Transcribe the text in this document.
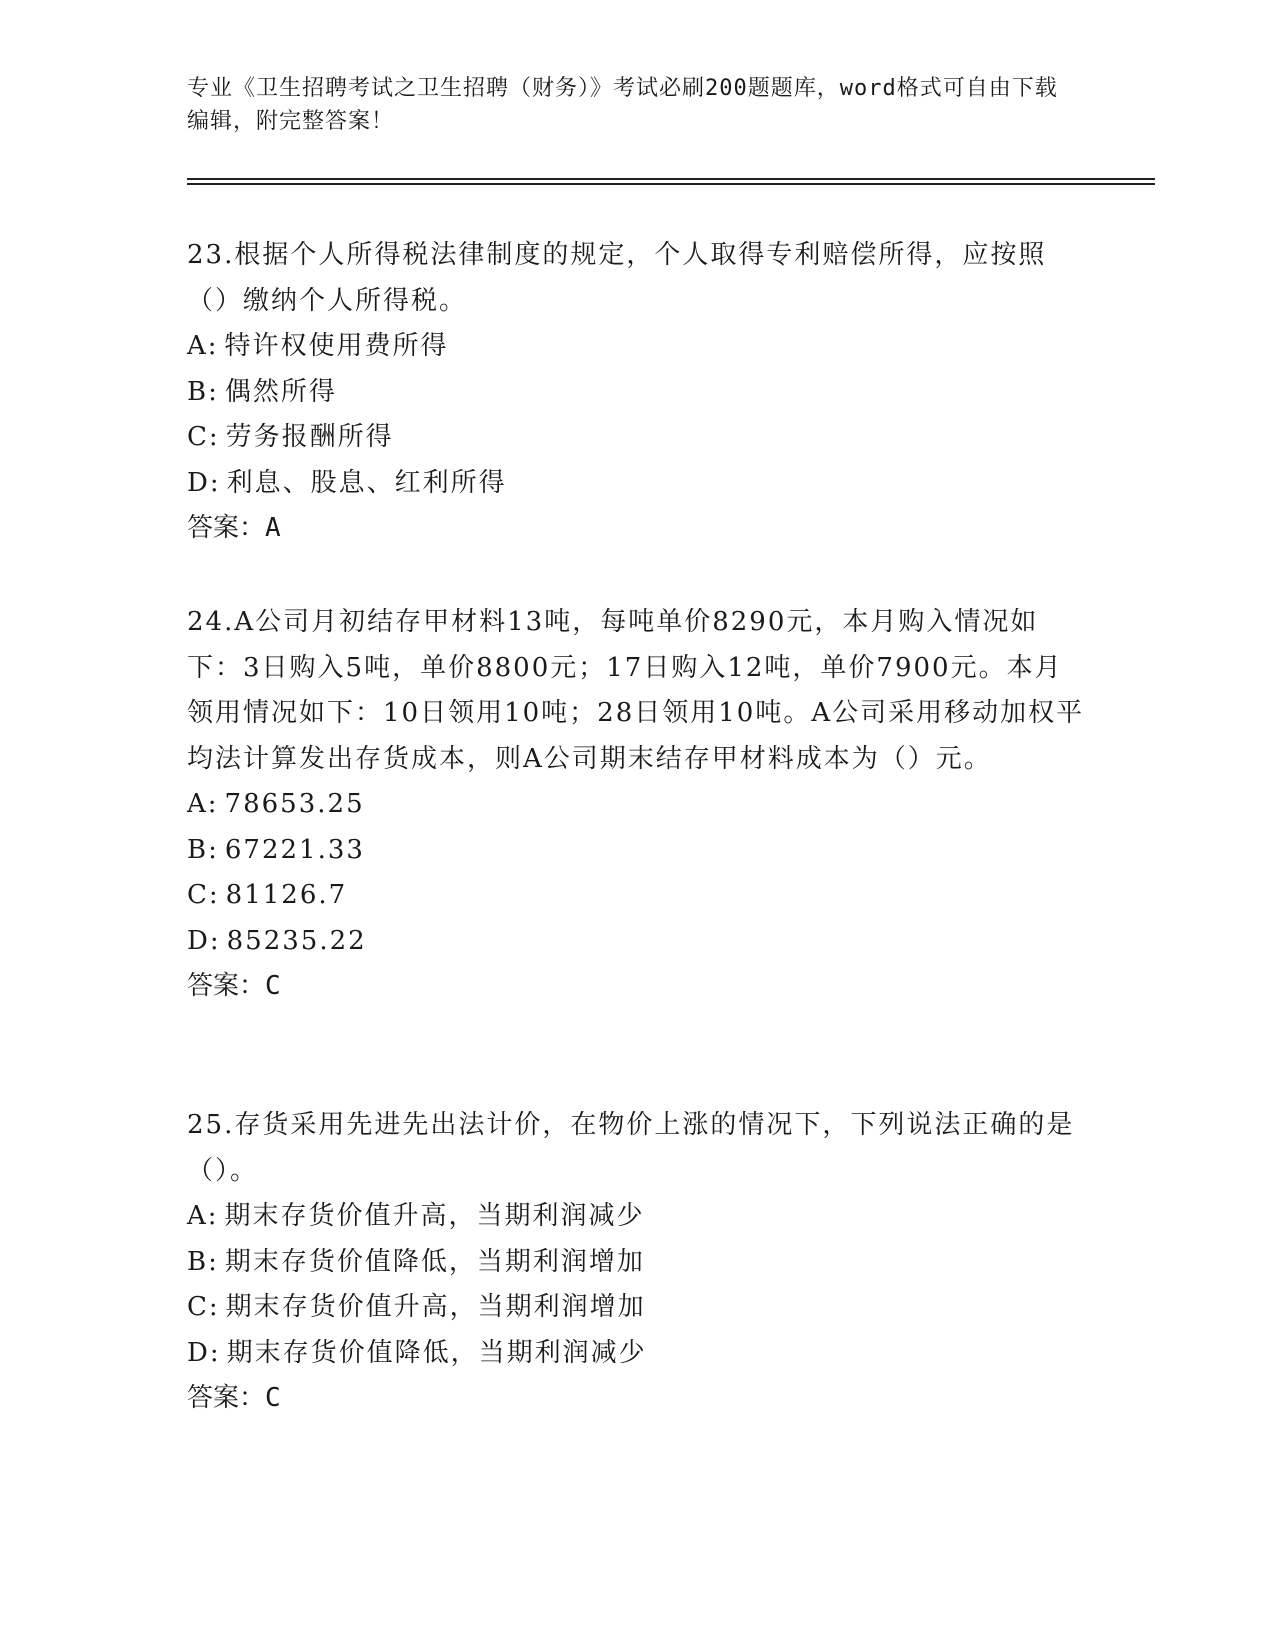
专业《卫生招聘考试之卫生招聘（财务）》考试必刷200题题库，word格式可自由下载编辑，附完整答案！

23.根据个人所得税法律制度的规定，个人取得专利赔偿所得，应按照（）缴纳个人所得税。

A: 特许权使用费所得

B: 偶然所得

C: 劳务报酬所得

D: 利息、股息、红利所得

答案：A

24.A公司月初结存甲材料13吨，每吨单价8290元，本月购入情况如下：3日购入5吨，单价8800元；17日购入12吨，单价7900元。本月领用情况如下：10日领用10吨；28日领用10吨。A公司采用移动加权平均法计算发出存货成本，则A公司期末结存甲材料成本为（）元。

A: 78653.25

B: 67221.33

C: 81126.7

D: 85235.22

答案：C

25.存货采用先进先出法计价，在物价上涨的情况下，下列说法正确的是（）。

A: 期末存货价值升高，当期利润减少

B: 期末存货价值降低，当期利润增加

C: 期末存货价值升高，当期利润增加

D: 期末存货价值降低，当期利润减少

答案：C
